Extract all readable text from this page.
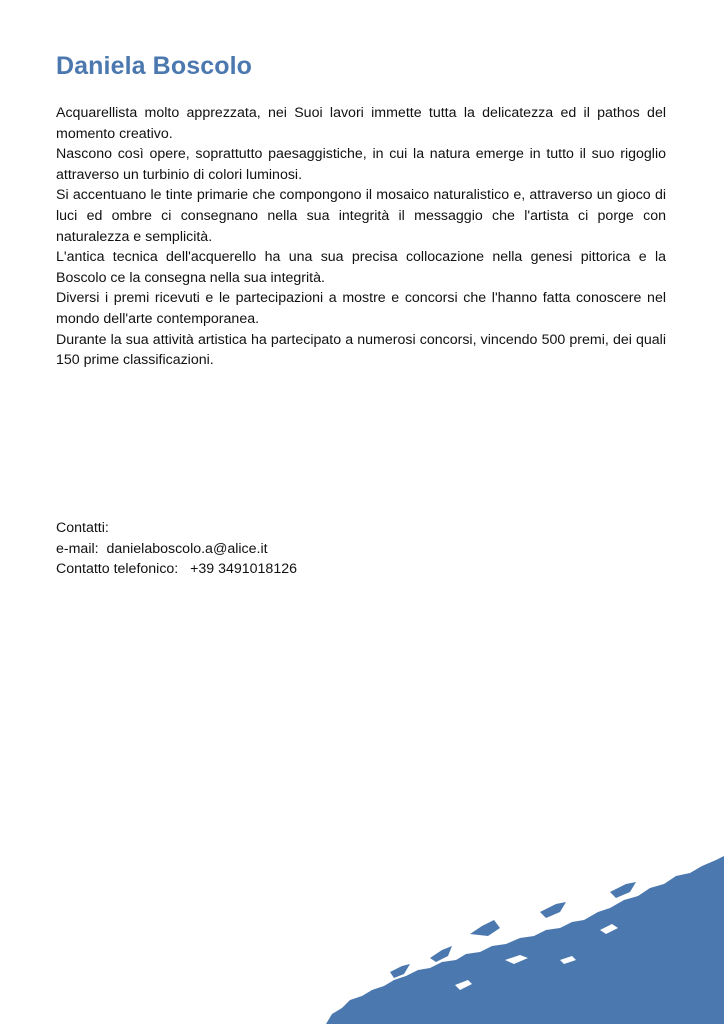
Daniela Boscolo

Acquarellista molto apprezzata, nei Suoi lavori immette tutta la delicatezza ed il pathos del momento creativo.

Nascono così opere, soprattutto paesaggistiche, in cui la natura emerge in tutto il suo rigoglio attraverso un turbinio di colori luminosi.

Si accentuano le tinte primarie che compongono il mosaico naturalistico e, attraverso un gioco di luci ed ombre ci consegnano nella sua integrità il messaggio che l'artista ci porge con naturalezza e semplicità.

L'antica tecnica dell'acquerello ha una sua precisa collocazione nella genesi pittorica e la Boscolo ce la consegna nella sua integrità.

Diversi i premi ricevuti e le partecipazioni a mostre e concorsi che l'hanno fatta conoscere nel mondo dell'arte contemporanea.

Durante la sua attività artistica ha partecipato a numerosi concorsi, vincendo 500 premi, dei quali 150 prime classificazioni.

Contatti:
e-mail:  danielaboscolo.a@alice.it
Contatto telefonico:   +39 3491018126
